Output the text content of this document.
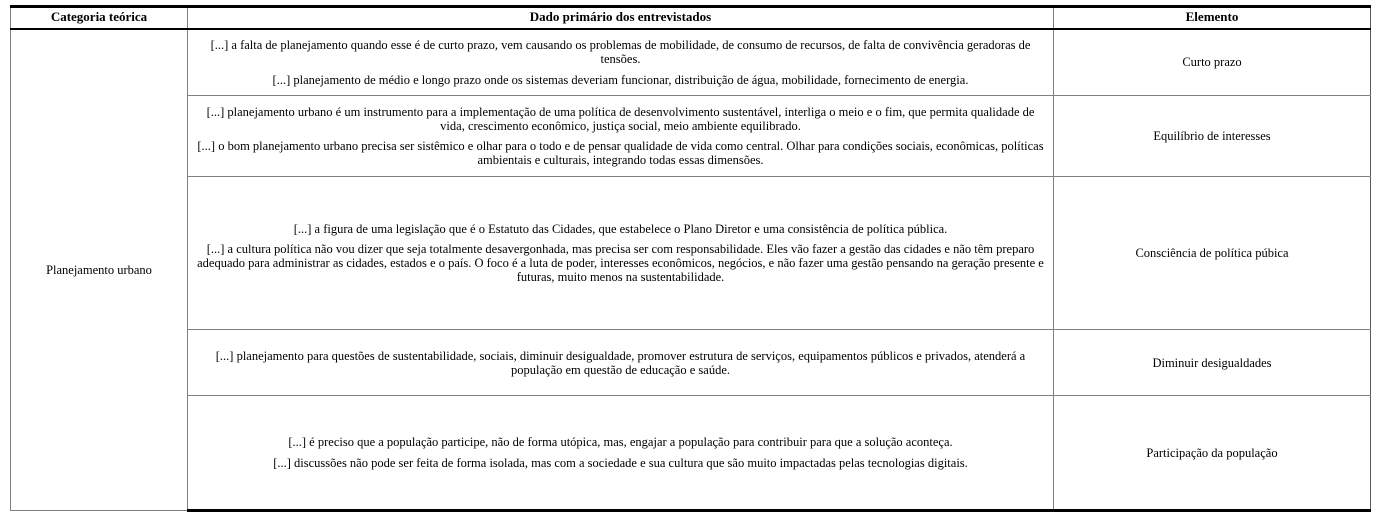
Categoria teórica	Dado primário dos entrevistados	Elemento
Planejamento urbano	[...] a falta de planejamento quando esse é de curto prazo, vem causando os problemas de mobilidade, de consumo de recursos, de falta de convivência geradoras de tensões.

[...] planejamento de médio e longo prazo onde os sistemas deveriam funcionar, distribuição de água, mobilidade, fornecimento de energia.	Curto prazo

	[...] planejamento urbano é um instrumento para a implementação de uma política de desenvolvimento sustentável, interliga o meio e o fim, que permita qualidade de vida, crescimento econômico, justiça social, meio ambiente equilibrado.

[...] o bom planejamento urbano precisa ser sistêmico e olhar para o todo e de pensar qualidade de vida como central. Olhar para condições sociais, econômicas, políticas ambientais e culturais, integrando todas essas dimensões.	Equilíbrio de interesses

	[...] a figura de uma legislação que é o Estatuto das Cidades, que estabelece o Plano Diretor e uma consistência de política pública.

[...] a cultura política não vou dizer que seja totalmente desavergonhada, mas precisa ser com responsabilidade. Eles vão fazer a gestão das cidades e não têm preparo adequado para administrar as cidades, estados e o país. O foco é a luta de poder, interesses econômicos, negócios, e não fazer uma gestão pensando na geração presente e futuras, muito menos na sustentabilidade.	Consciência de política púbica

	[...] planejamento para questões de sustentabilidade, sociais, diminuir desigualdade, promover estrutura de serviços, equipamentos públicos e privados, atenderá a população em questão de educação e saúde.	Diminuir desigualdades

	[...] é preciso que a população participe, não de forma utópica, mas, engajar a população para contribuir para que a solução aconteça.

[...] discussões não pode ser feita de forma isolada, mas com a sociedade e sua cultura que são muito impactadas pelas tecnologias digitais.	Participação da população
